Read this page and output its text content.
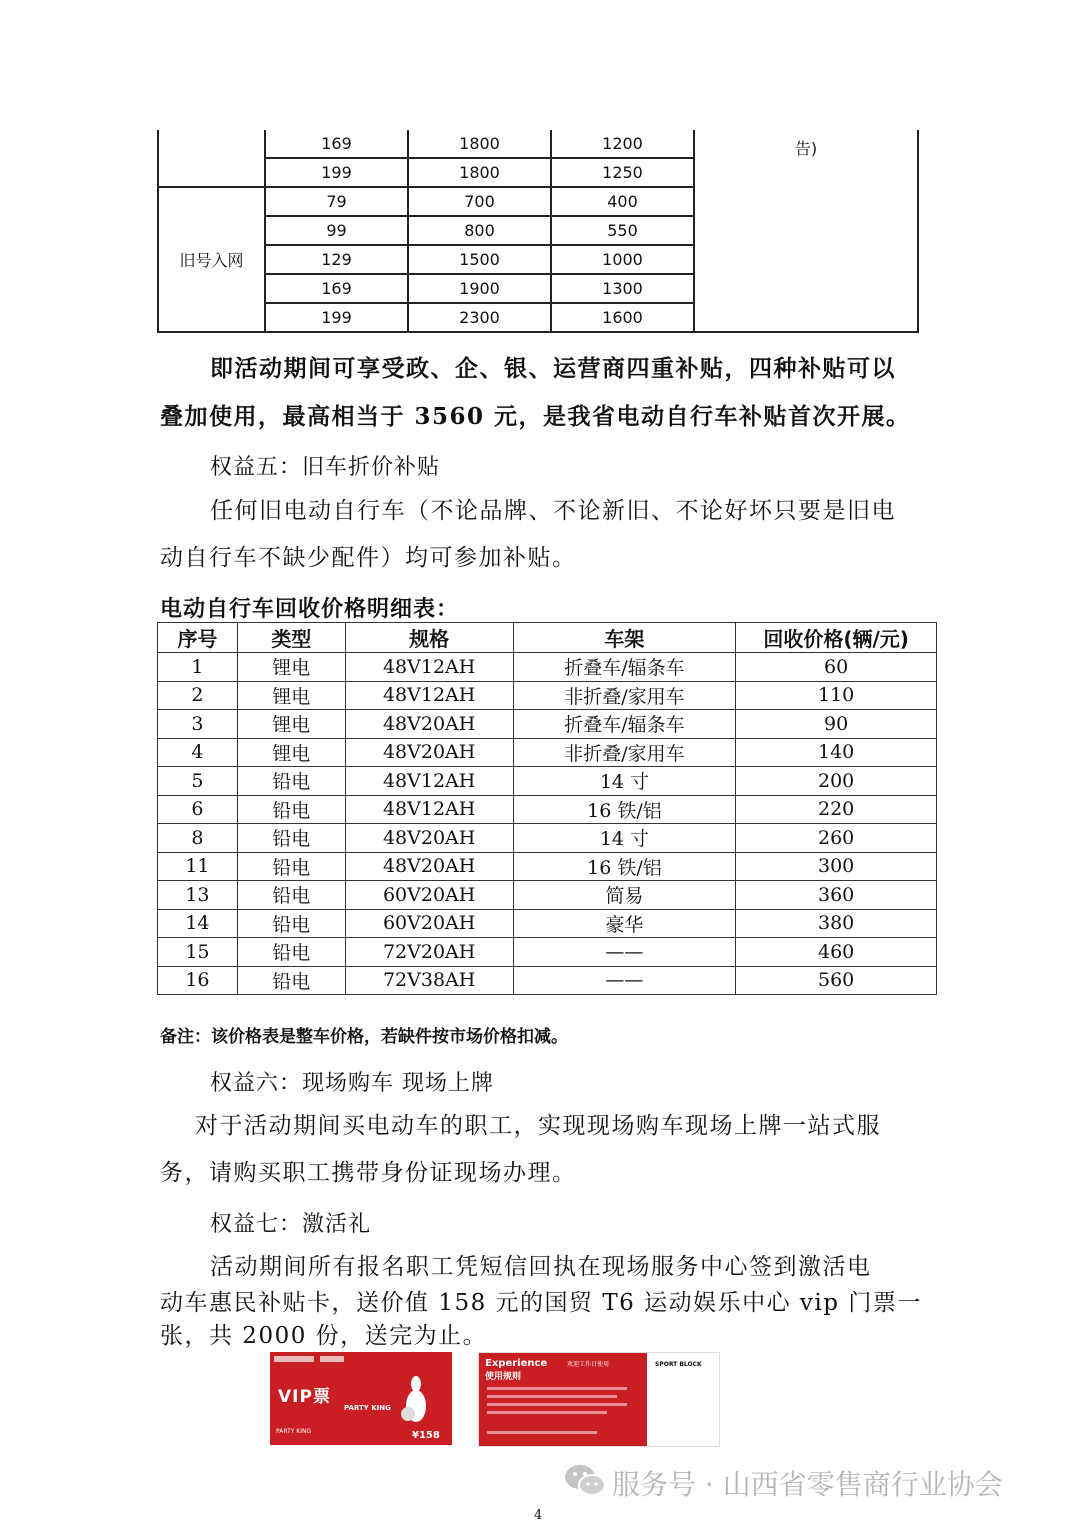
	169	1800	1200	告)
	199	1800	1250	
旧号入网	79	700	400	
	99	800	550	
	129	1500	1000	
	169	1900	1300	
	199	2300	1600	
即活动期间可享受政、企、银、运营商四重补贴，四种补贴可以
叠加使用，最高相当于 3560 元，是我省电动自行车补贴首次开展。
权益五：旧车折价补贴
任何旧电动自行车（不论品牌、不论新旧、不论好坏只要是旧电
动自行车不缺少配件）均可参加补贴。
电动自行车回收价格明细表：
序号	类型	规格	车架	回收价格(辆/元)
1	锂电	48V12AH	折叠车/辐条车	60
2	锂电	48V12AH	非折叠/家用车	110
3	锂电	48V20AH	折叠车/辐条车	90
4	锂电	48V20AH	非折叠/家用车	140
5	铅电	48V12AH	14 寸	200
6	铅电	48V12AH	16 铁/铝	220
8	铅电	48V20AH	14 寸	260
11	铅电	48V20AH	16 铁/铝	300
13	铅电	60V20AH	简易	360
14	铅电	60V20AH	豪华	380
15	铅电	72V20AH	——	460
16	铅电	72V38AH	——	560
备注：该价格表是整车价格，若缺件按市场价格扣减。
权益六：现场购车 现场上牌
对于活动期间买电动车的职工，实现现场购车现场上牌一站式服
务，请购买职工携带身份证现场办理。
权益七：激活礼
活动期间所有报名职工凭短信回执在现场服务中心签到激活电
动车惠民补贴卡，送价值 158 元的国贸 T6 运动娱乐中心 vip 门票一
张，共 2000 份，送完为止。
VIP票
PARTY KING
PARTY KING	¥158
Experience
使用规则
欢迎工作日使用	SPORT BLOCK
服务号 · 山西省零售商行业协会
4
